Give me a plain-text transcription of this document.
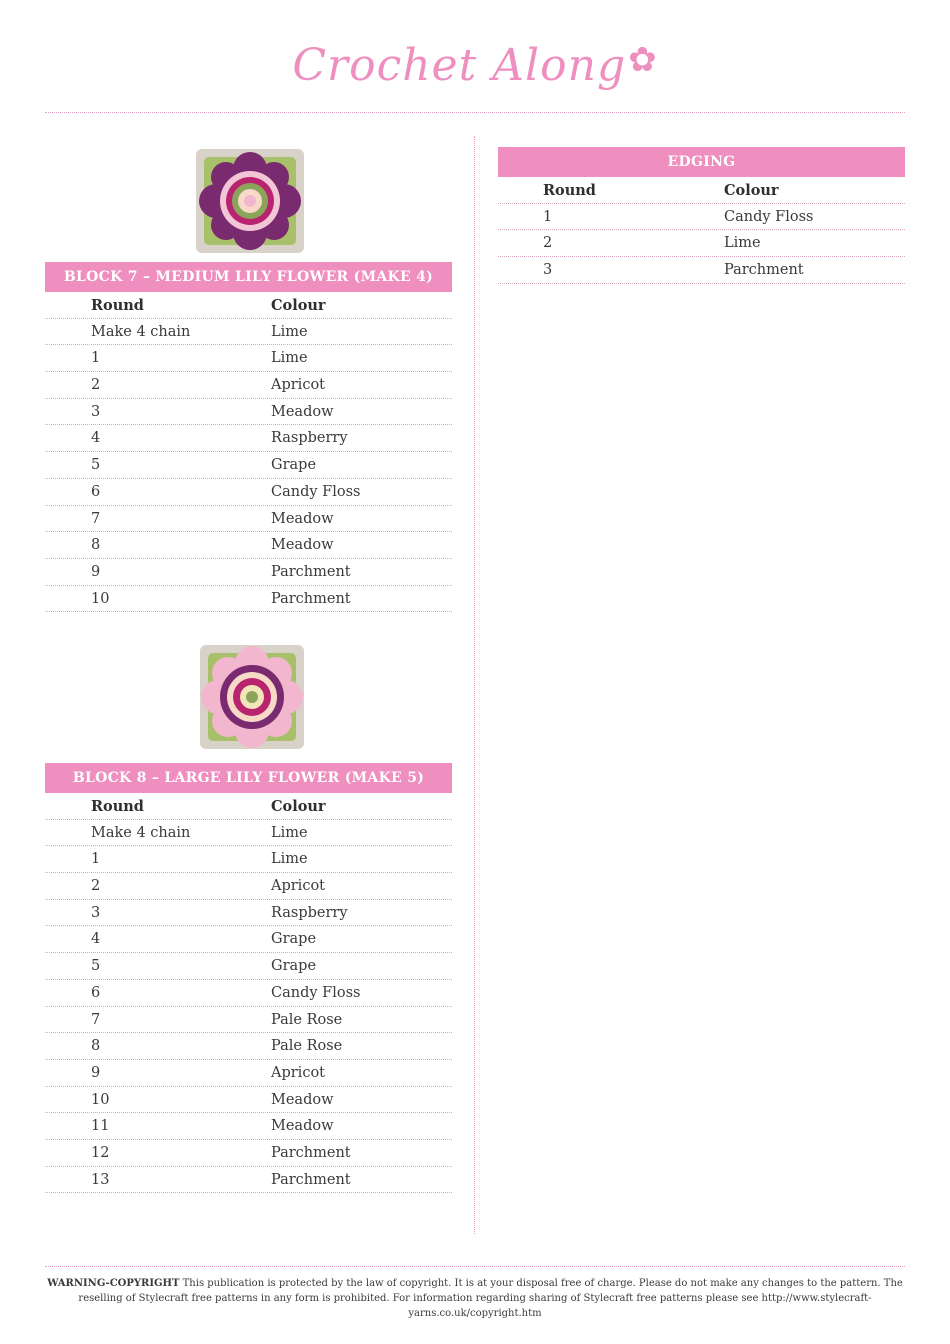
Crochet Along✿
BLOCK 7 – MEDIUM LILY FLOWER (MAKE 4)
Round	Colour
Make 4 chain	Lime
1	Lime
2	Apricot
3	Meadow
4	Raspberry
5	Grape
6	Candy Floss
7	Meadow
8	Meadow
9	Parchment
10	Parchment
BLOCK 8 – LARGE LILY FLOWER (MAKE 5)
Round	Colour
Make 4 chain	Lime
1	Lime
2	Apricot
3	Raspberry
4	Grape
5	Grape
6	Candy Floss
7	Pale Rose
8	Pale Rose
9	Apricot
10	Meadow
11	Meadow
12	Parchment
13	Parchment
EDGING
Round	Colour
1	Candy Floss
2	Lime
3	Parchment
WARNING-COPYRIGHT This publication is protected by the law of copyright. It is at your disposal free of charge. Please do not make any changes to the pattern. The reselling of Stylecraft free patterns in any form is prohibited. For information regarding sharing of Stylecraft free patterns please see http://www.stylecraft-yarns.co.uk/copyright.htm
